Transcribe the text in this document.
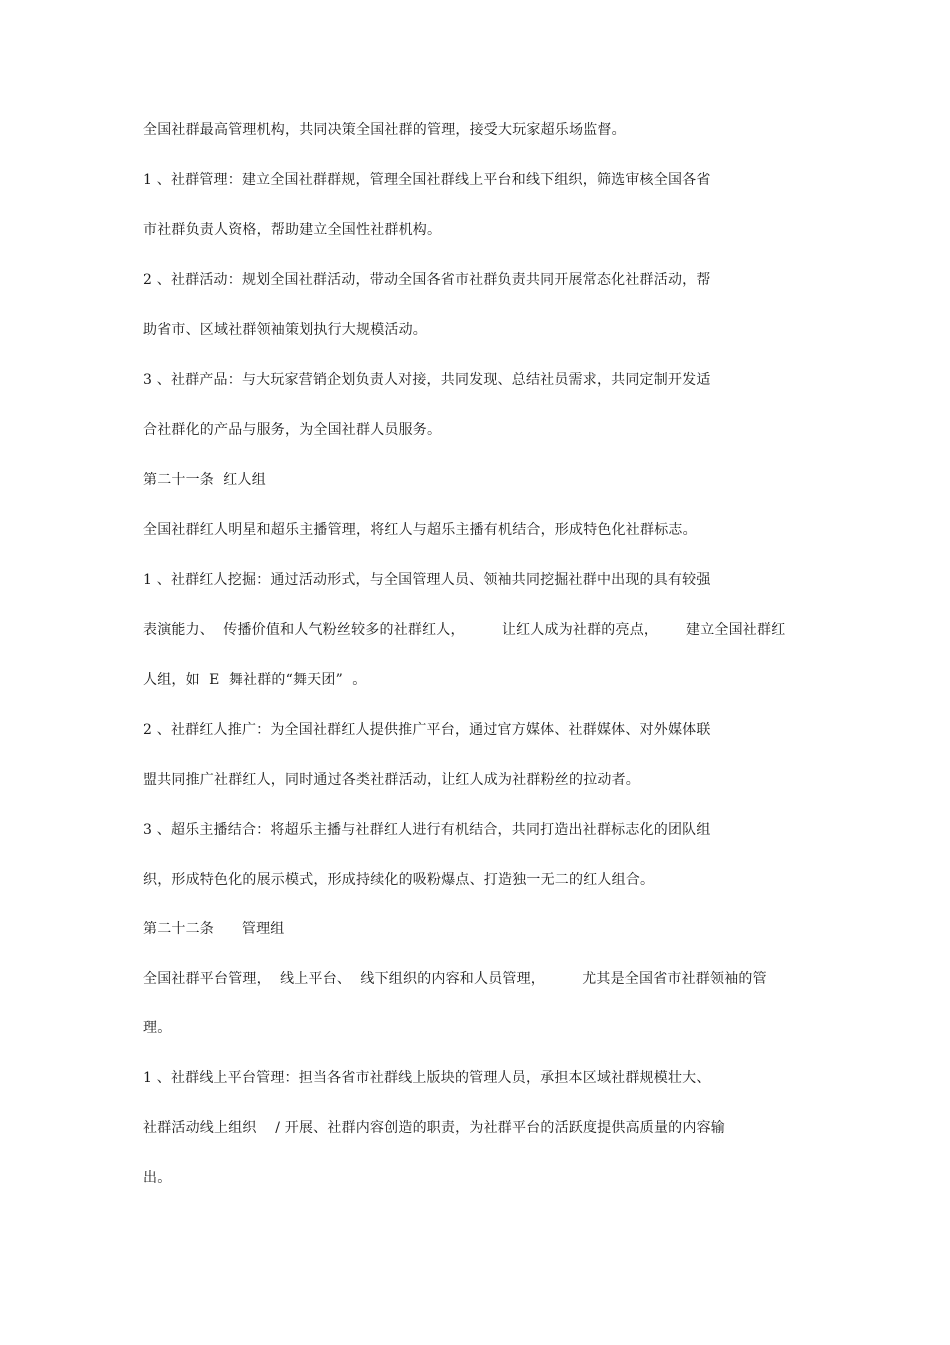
全国社群最高管理机构，共同决策全国社群的管理，接受大玩家超乐场监督。
1 、社群管理：建立全国社群群规，管理全国社群线上平台和线下组织，筛选审核全国各省
市社群负责人资格，帮助建立全国性社群机构。
2 、社群活动：规划全国社群活动，带动全国各省市社群负责共同开展常态化社群活动，帮
助省市、区域社群领袖策划执行大规模活动。
3 、社群产品：与大玩家营销企划负责人对接，共同发现、总结社员需求，共同定制开发适
合社群化的产品与服务，为全国社群人员服务。
第二十一条  红人组
全国社群红人明星和超乐主播管理，将红人与超乐主播有机结合，形成特色化社群标志。
1 、社群红人挖掘：通过活动形式，与全国管理人员、领袖共同挖掘社群中出现的具有较强
表演能力、  传播价值和人气粉丝较多的社群红人，        让红人成为社群的亮点，      建立全国社群红
人组，如  E  舞社群的“舞天团”  。
2 、社群红人推广：为全国社群红人提供推广平台，通过官方媒体、社群媒体、对外媒体联
盟共同推广社群红人，同时通过各类社群活动，让红人成为社群粉丝的拉动者。
3 、超乐主播结合：将超乐主播与社群红人进行有机结合，共同打造出社群标志化的团队组
织，形成特色化的展示模式，形成持续化的吸粉爆点、打造独一无二的红人组合。
第二十二条      管理组
全国社群平台管理，  线上平台、  线下组织的内容和人员管理，        尤其是全国省市社群领袖的管
理。
1 、社群线上平台管理：担当各省市社群线上版块的管理人员，承担本区域社群规模壮大、
社群活动线上组织    / 开展、社群内容创造的职责，为社群平台的活跃度提供高质量的内容输
出。
